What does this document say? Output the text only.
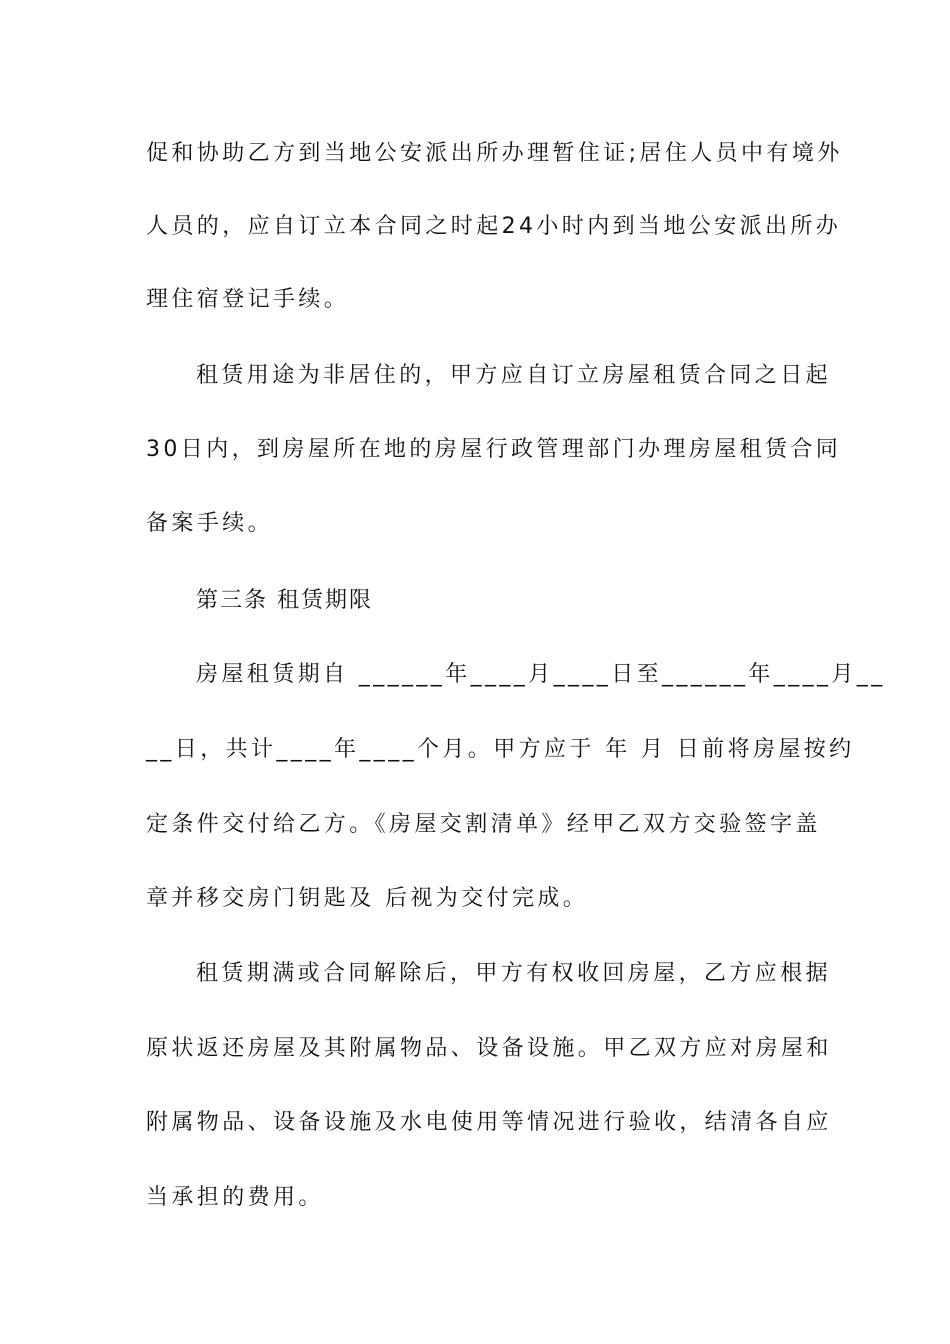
促和协助乙方到当地公安派出所办理暂住证;居住人员中有境外
人员的，应自订立本合同之时起24小时内到当地公安派出所办
理住宿登记手续。
租赁用途为非居住的，甲方应自订立房屋租赁合同之日起
30日内，到房屋所在地的房屋行政管理部门办理房屋租赁合同
备案手续。
第三条 租赁期限
房屋租赁期自 ______年____月____日至______年____月__
__日，共计____年____个月。甲方应于 年 月 日前将房屋按约
定条件交付给乙方。《房屋交割清单》经甲乙双方交验签字盖
章并移交房门钥匙及 后视为交付完成。
租赁期满或合同解除后，甲方有权收回房屋，乙方应根据
原状返还房屋及其附属物品、设备设施。甲乙双方应对房屋和
附属物品、设备设施及水电使用等情况进行验收，结清各自应
当承担的费用。
